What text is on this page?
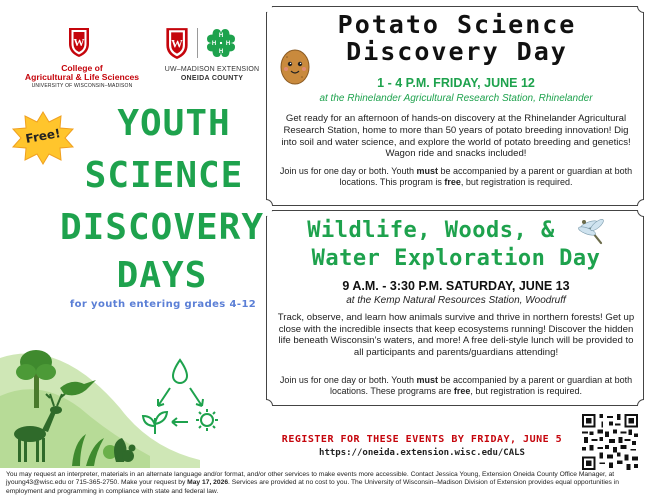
W
College of
Agricultural & Life Sciences
UNIVERSITY OF WISCONSIN–MADISON
W
H
H
H
H
UW–MADISON EXTENSION
ONEIDA COUNTY
Free!	YOUTH
SCIENCE
DISCOVERY
DAYS
for youth entering grades 4-12
Potato Science
Discovery Day
1 - 4 P.M. FRIDAY, JUNE 12
at the Rhinelander Agricultural Research Station, Rhinelander
Get ready for an afternoon of hands-on discovery at the Rhinelander Agricultural Research Station, home to more than 50 years of potato breeding innovation! Dig into soil and water science, and explore the world of potato breeding and genetics! Wagon ride and snacks included!
Join us for one day or both. Youth must be accompanied by a parent or guardian at both locations. This program is free, but registration is required.
Wildlife, Woods, &
Water Exploration Day
9 A.M. - 3:30 P.M. SATURDAY, JUNE 13
at the Kemp Natural Resources Station, Woodruff
Track, observe, and learn how animals survive and thrive in northern forests! Get up close with the incredible insects that keep ecosystems running! Discover the hidden life beneath Wisconsin’s waters, and more! A free deli-style lunch will be provided to all participants and parents/guardians attending!
Join us for one day or both. Youth must be accompanied by a parent or guardian at both locations. These programs are free, but registration is required.
REGISTER FOR THESE EVENTS BY FRIDAY, JUNE 5
https://oneida.extension.wisc.edu/CALS
You may request an interpreter, materials in an alternate language and/or format, and/or other services to make events more accessible. Contact Jessica Young, Extension Oneida County Office Manager, at jyoung43@wisc.edu or 715-365-2750. Make your request by May 17, 2026. Services are provided at no cost to you. The University of Wisconsin–Madison Division of Extension provides equal opportunities in employment and programming in compliance with state and federal law.
